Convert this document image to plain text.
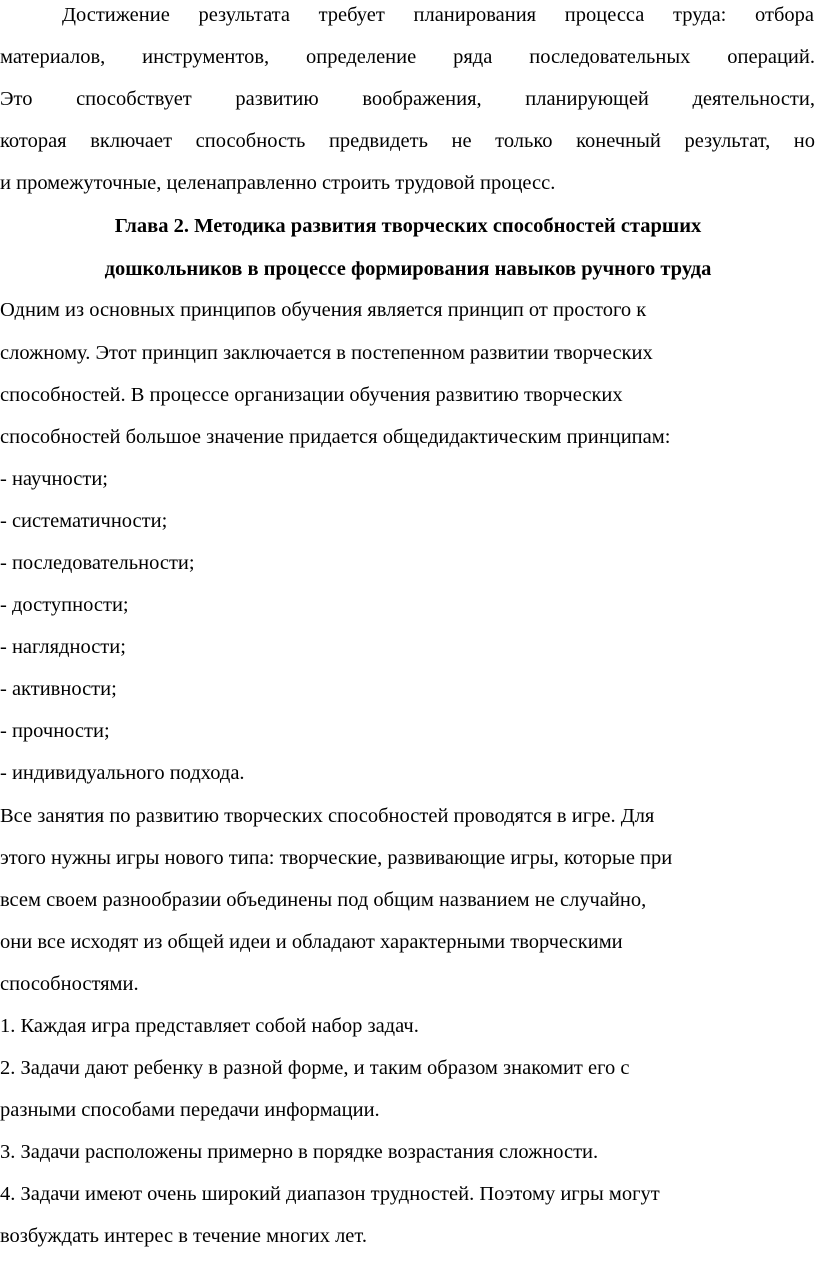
Достижение результата требует планирования процесса труда: отбора

материалов, инструментов, определение ряда последовательных операций.

Это способствует развитию воображения, планирующей деятельности,

которая включает способность предвидеть не только конечный результат, но

и промежуточные, целенаправленно строить трудовой процесс.

Глава 2. Методика развития творческих способностей старших

дошкольников в процессе формирования навыков ручного труда

Одним из основных принципов обучения является принцип от простого к

сложному. Этот принцип заключается в постепенном развитии творческих

способностей. В процессе организации обучения развитию творческих

способностей большое значение придается общедидактическим принципам:

- научности;

- систематичности;

- последовательности;

- доступности;

- наглядности;

- активности;

- прочности;

- индивидуального подхода.

Все занятия по развитию творческих способностей проводятся в игре. Для

этого нужны игры нового типа: творческие, развивающие игры, которые при

всем своем разнообразии объединены под общим названием не случайно,

они все исходят из общей идеи и обладают характерными творческими

способностями.

1. Каждая игра представляет собой набор задач.

2. Задачи дают ребенку в разной форме, и таким образом знакомит его с

разными способами передачи информации.

3. Задачи расположены примерно в порядке возрастания сложности.

4. Задачи имеют очень широкий диапазон трудностей. Поэтому игры могут

возбуждать интерес в течение многих лет.
